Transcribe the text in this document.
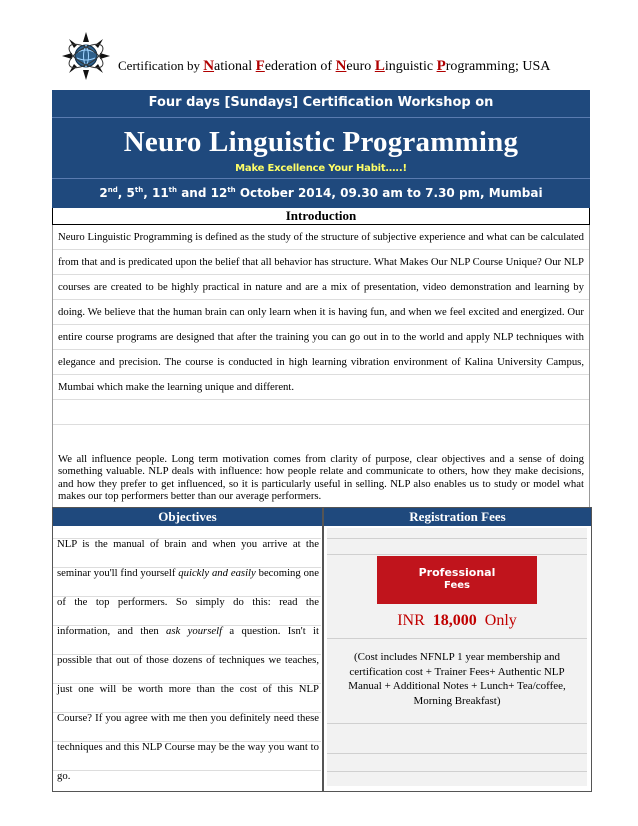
Certification by National Federation of Neuro Linguistic Programming; USA
Four days [Sundays] Certification Workshop on
Neuro Linguistic Programming
Make Excellence Your Habit…..!
2nd, 5th, 11th and 12th October 2014, 09.30 am to 7.30 pm, Mumbai
Introduction

Neuro Linguistic Programming is defined as the study of the structure of subjective experience and what can be calculated from that and is predicated upon the belief that all behavior has structure. What Makes Our NLP Course Unique? Our NLP courses are created to be highly practical in nature and are a mix of presentation, video demonstration and learning by doing. We believe that the human brain can only learn when it is having fun, and when we feel excited and energized. Our entire course programs are designed that after the training you can go out in to the world and apply NLP techniques with elegance and precision. The course is conducted in high learning vibration environment of Kalina University Campus, Mumbai which make the learning unique and different.

We all influence people. Long term motivation comes from clarity of purpose, clear objectives and a sense of doing something valuable. NLP deals with influence: how people relate and communicate to others, how they make decisions, and how they prefer to get influenced, so it is particularly useful in selling. NLP also enables us to study or model what makes our top performers better than our average performers.

Objectives	Registration Fees

NLP is the manual of brain and when you arrive at the seminar you'll find yourself quickly and easily becoming one of the top performers. So simply do this: read the information, and then ask yourself a question. Isn't it possible that out of those dozens of techniques we teaches, just one will be worth more than the cost of this NLP Course? If you agree with me then you definitely need these techniques and this NLP Course may be the way you want to go.

Professional
Fees
INR 18,000 Only
(Cost includes NFNLP 1 year membership and certification cost + Trainer Fees+ Authentic NLP Manual + Additional Notes + Lunch+ Tea/coffee, Morning Breakfast)
